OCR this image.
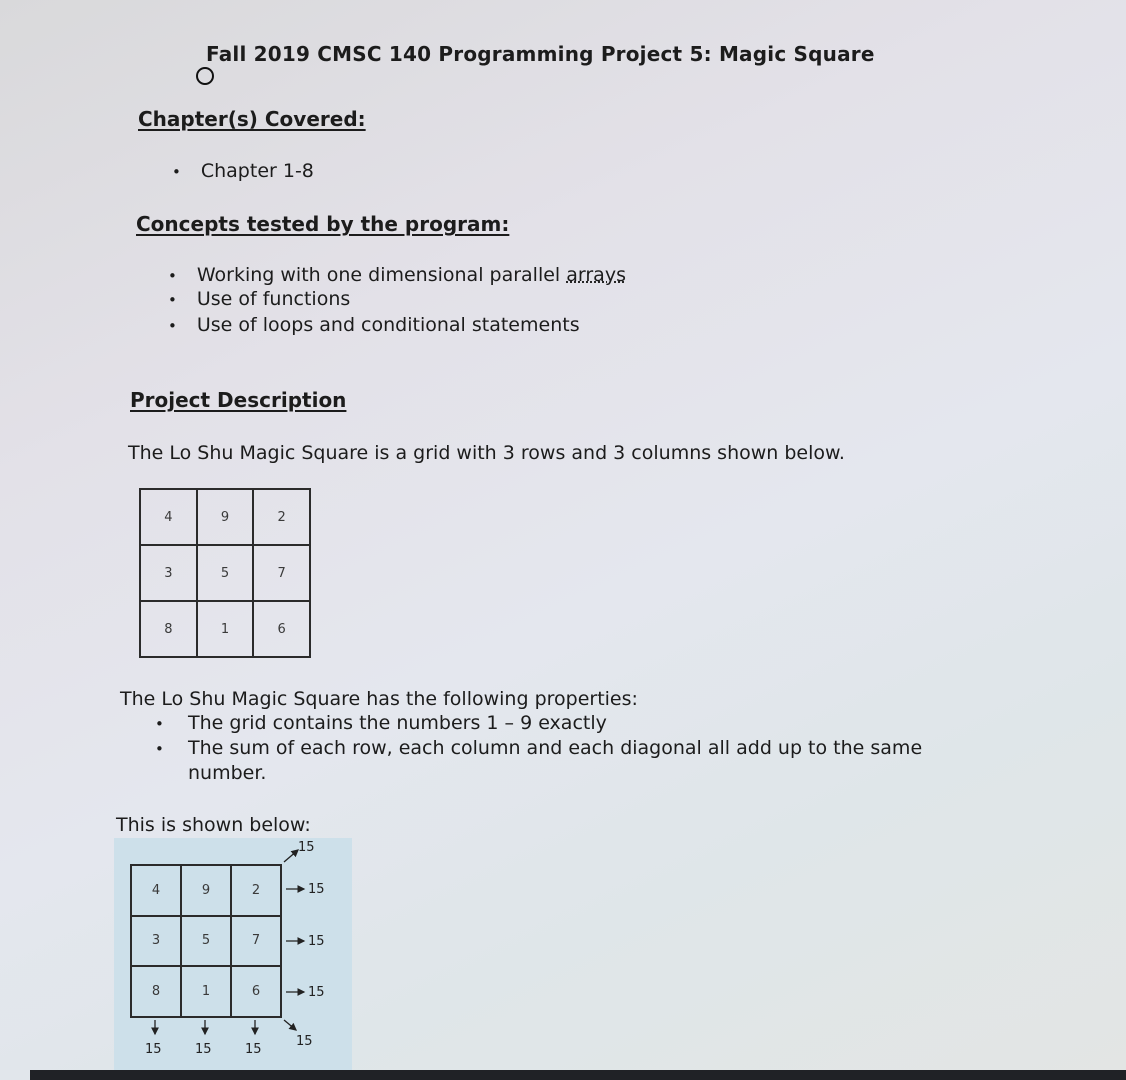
Fall 2019 CMSC 140 Programming Project 5: Magic Square
Chapter(s) Covered:
• Chapter 1-8
Concepts tested by the program:
• Working with one dimensional parallel arrays
• Use of functions
• Use of loops and conditional statements
Project Description
The Lo Shu Magic Square is a grid with 3 rows and 3 columns shown below.
4	9	2
3	5	7
8	1	6
The Lo Shu Magic Square has the following properties:
• The grid contains the numbers 1 – 9 exactly
• The sum of each row, each column and each diagonal all add up to the same
number.
This is shown below:
4	9	2
3	5	7
8	1	6
15
15
15
15
15	15	15
15
